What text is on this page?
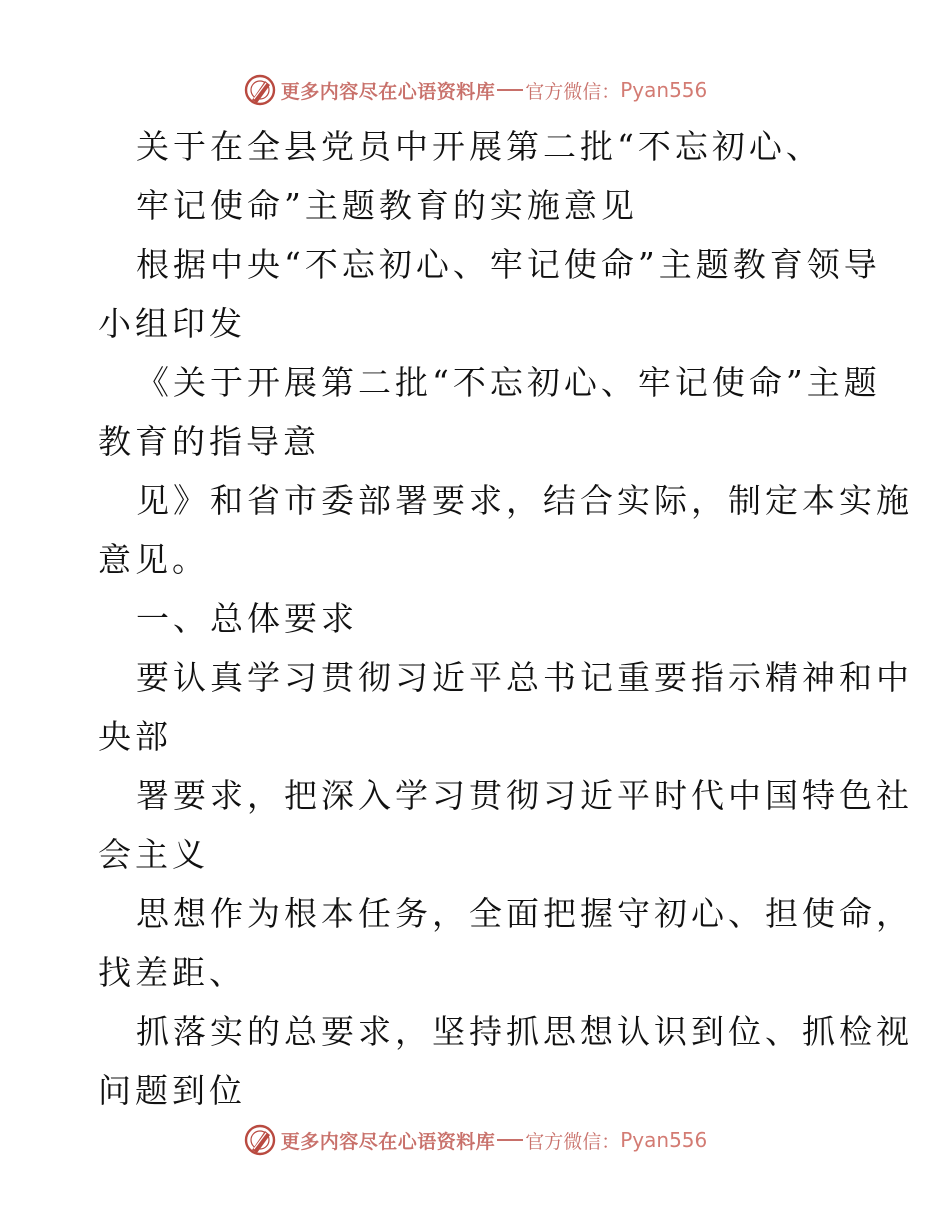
更多内容尽在心语资料库 官方微信： Pyan556

关于在全县党员中开展第二批“不忘初心、

牢记使命”主题教育的实施意见

根据中央“不忘初心、牢记使命”主题教育领导

小组印发

《关于开展第二批“不忘初心、牢记使命”主题

教育的指导意

见》和省市委部署要求，结合实际，制定本实施

意见。

一、总体要求

要认真学习贯彻习近平总书记重要指示精神和中

央部

署要求，把深入学习贯彻习近平时代中国特色社

会主义

思想作为根本任务，全面把握守初心、担使命，

找差距、

抓落实的总要求，坚持抓思想认识到位、抓检视

问题到位

更多内容尽在心语资料库 官方微信： Pyan556
